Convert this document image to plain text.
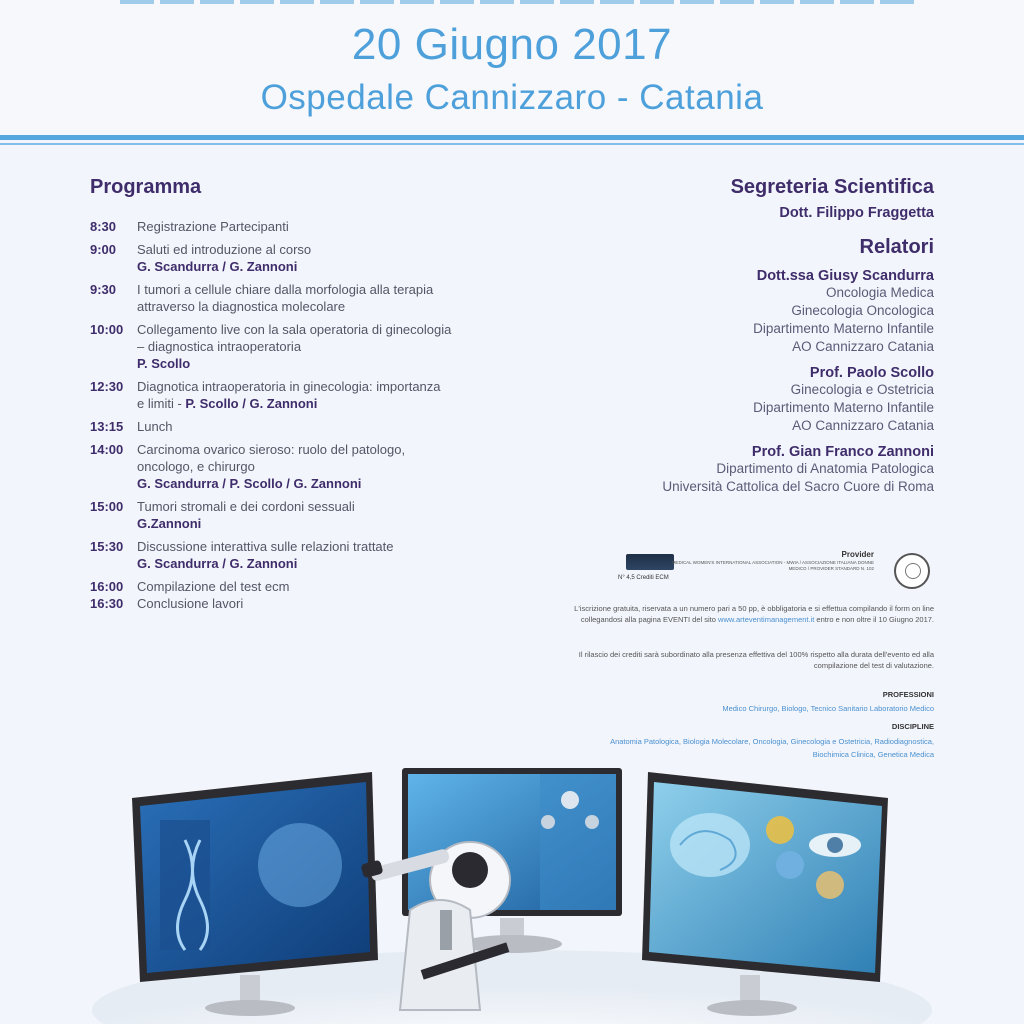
20 Giugno 2017
Ospedale Cannizzaro - Catania
Programma
8:30	Registrazione Partecipanti
9:00	Saluti ed introduzione al corso
G. Scandurra / G. Zannoni
9:30	I tumori a cellule chiare dalla morfologia alla terapia
attraverso la diagnostica molecolare
10:00	Collegamento live con la sala operatoria di ginecologia
– diagnostica intraoperatoria
P. Scollo
12:30	Diagnotica intraoperatoria in ginecologia: importanza
e limiti - P. Scollo / G. Zannoni
13:15	Lunch
14:00	Carcinoma ovarico sieroso: ruolo del patologo,
oncologo, e chirurgo
G. Scandurra / P. Scollo / G. Zannoni
15:00	Tumori stromali e dei cordoni sessuali
G.Zannoni
15:30	Discussione interattiva sulle relazioni trattate
G. Scandurra / G. Zannoni
16:00	Compilazione del test ecm
16:30	Conclusione lavori
Segreteria Scientifica
Dott. Filippo Fraggetta
Relatori
Dott.ssa Giusy Scandurra
Oncologia Medica
Ginecologia Oncologica
Dipartimento Materno Infantile
AO Cannizzaro Catania
Prof. Paolo Scollo
Ginecologia e Ostetricia
Dipartimento Materno Infantile
AO Cannizzaro Catania
Prof. Gian Franco Zannoni
Dipartimento di Anatomia Patologica
Università Cattolica del Sacro Cuore di Roma
N° 4,5 Crediti ECM
Provider
MEDICAL WOMEN'S INTERNATIONAL ASSOCIATION - MWIA / ASSOCIAZIONE ITALIANA DONNE MEDICO / PROVIDER STANDARD N. 102
L'iscrizione gratuita, riservata a un numero pari a 50 pp, è obbligatoria e si effettua compilando il form on line collegandosi alla pagina EVENTI del sito www.arteventimanagement.it entro e non oltre il 10 Giugno 2017.
Il rilascio dei crediti sarà subordinato alla presenza effettiva del 100% rispetto alla durata dell'evento ed alla compilazione del test di valutazione.
PROFESSIONI
Medico Chirurgo, Biologo, Tecnico Sanitario Laboratorio Medico
DISCIPLINE
Anatomia Patologica, Biologia Molecolare, Oncologia, Ginecologia e Ostetricia, Radiodiagnostica, Biochimica Clinica, Genetica Medica
